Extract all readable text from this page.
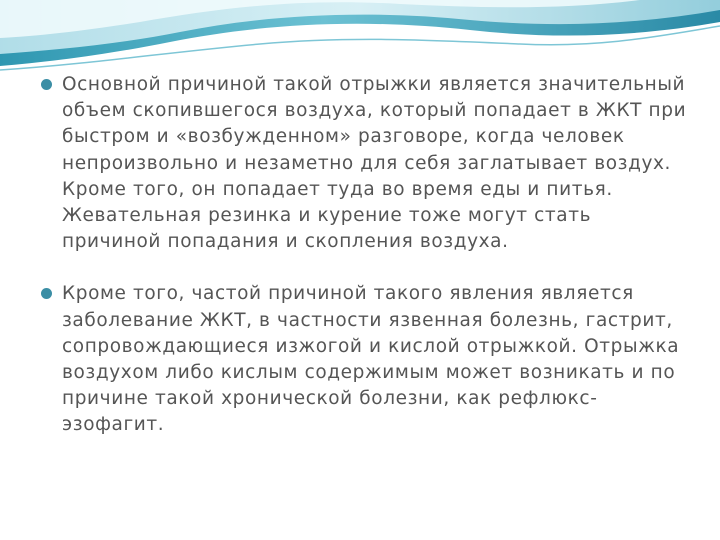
Основной причиной такой отрыжки является значительный объем скопившегося воздуха, который попадает в ЖКТ при быстром и «возбужденном» разговоре, когда человек непроизвольно и незаметно для себя заглатывает воздух. Кроме того, он попадает туда во время еды и питья. Жевательная резинка и курение тоже могут стать причиной попадания и скопления воздуха.
Кроме того, частой причиной такого явления является заболевание ЖКТ, в частности язвенная болезнь, гастрит, сопровождающиеся изжогой и кислой отрыжкой. Отрыжка воздухом либо кислым содержимым может возникать и по причине такой хронической болезни, как рефлюкс-эзофагит.
